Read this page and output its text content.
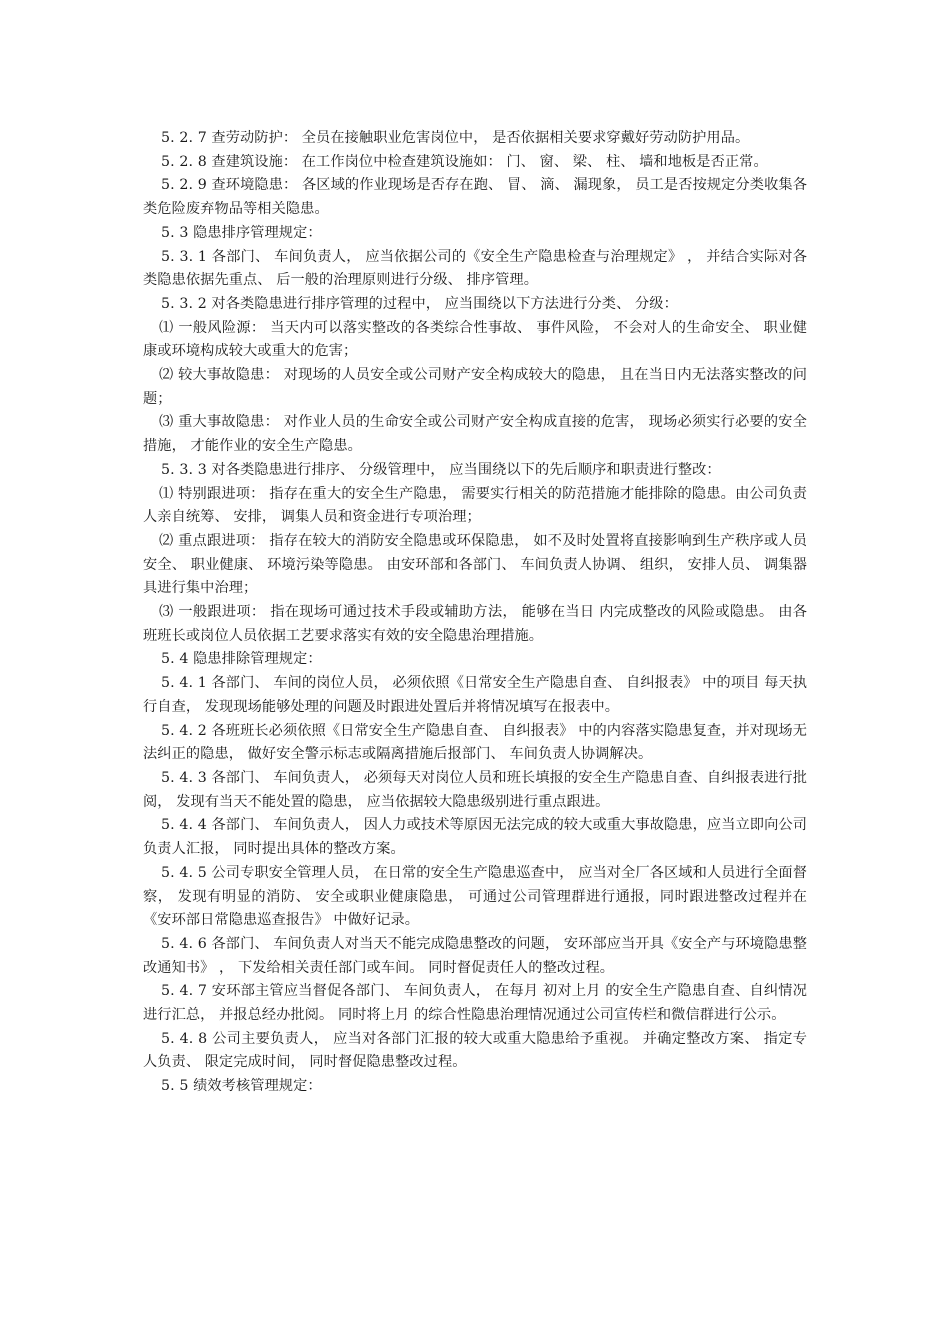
5. 2. 7 查劳动防护： 全员在接触职业危害岗位中， 是否依据相关要求穿戴好劳动防护用品。

5. 2. 8 查建筑设施： 在工作岗位中检查建筑设施如： 门、 窗、 梁、 柱、 墙和地板是否正常。

5. 2. 9 查环境隐患： 各区域的作业现场是否存在跑、 冒、 滴、 漏现象， 员工是否按规定分类收集各类危险废弃物品等相关隐患。

5. 3 隐患排序管理规定：

5. 3. 1 各部门、 车间负责人， 应当依据公司的《安全生产隐患检查与治理规定》 ， 并结合实际对各类隐患依据先重点、 后一般的治理原则进行分级、 排序管理。

5. 3. 2 对各类隐患进行排序管理的过程中， 应当围绕以下方法进行分类、 分级：

⑴ 一般风险源： 当天内可以落实整改的各类综合性事故、 事件风险， 不会对人的生命安全、 职业健康或环境构成较大或重大的危害；

⑵ 较大事故隐患： 对现场的人员安全或公司财产安全构成较大的隐患， 且在当日内无法落实整改的问题；

⑶ 重大事故隐患： 对作业人员的生命安全或公司财产安全构成直接的危害， 现场必须实行必要的安全措施， 才能作业的安全生产隐患。

5. 3. 3 对各类隐患进行排序、 分级管理中， 应当围绕以下的先后顺序和职责进行整改：

⑴ 特别跟进项： 指存在重大的安全生产隐患， 需要实行相关的防范措施才能排除的隐患。由公司负责人亲自统筹、 安排， 调集人员和资金进行专项治理；

⑵ 重点跟进项： 指存在较大的消防安全隐患或环保隐患， 如不及时处置将直接影响到生产秩序或人员安全、 职业健康、 环境污染等隐患。 由安环部和各部门、 车间负责人协调、 组织， 安排人员、 调集器具进行集中治理；

⑶ 一般跟进项： 指在现场可通过技术手段或辅助方法， 能够在当日 内完成整改的风险或隐患。 由各班班长或岗位人员依据工艺要求落实有效的安全隐患治理措施。

5. 4 隐患排除管理规定：

5. 4. 1 各部门、 车间的岗位人员， 必须依照《日常安全生产隐患自查、 自纠报表》 中的项目 每天执行自查， 发现现场能够处理的问题及时跟进处置后并将情况填写在报表中。

5. 4. 2 各班班长必须依照《日常安全生产隐患自查、 自纠报表》 中的内容落实隐患复查，并对现场无法纠正的隐患， 做好安全警示标志或隔离措施后报部门、 车间负责人协调解决。

5. 4. 3 各部门、 车间负责人， 必须每天对岗位人员和班长填报的安全生产隐患自查、自纠报表进行批阅， 发现有当天不能处置的隐患， 应当依据较大隐患级别进行重点跟进。

5. 4. 4 各部门、 车间负责人， 因人力或技术等原因无法完成的较大或重大事故隐患，应当立即向公司负责人汇报， 同时提出具体的整改方案。

5. 4. 5 公司专职安全管理人员， 在日常的安全生产隐患巡查中， 应当对全厂各区域和人员进行全面督察， 发现有明显的消防、 安全或职业健康隐患， 可通过公司管理群进行通报，同时跟进整改过程并在《安环部日常隐患巡查报告》 中做好记录。

5. 4. 6 各部门、 车间负责人对当天不能完成隐患整改的问题， 安环部应当开具《安全产与环境隐患整改通知书》 ， 下发给相关责任部门或车间。 同时督促责任人的整改过程。

5. 4. 7 安环部主管应当督促各部门、 车间负责人， 在每月 初对上月 的安全生产隐患自查、自纠情况进行汇总， 并报总经办批阅。 同时将上月 的综合性隐患治理情况通过公司宣传栏和微信群进行公示。

5. 4. 8 公司主要负责人， 应当对各部门汇报的较大或重大隐患给予重视。 并确定整改方案、 指定专人负责、 限定完成时间， 同时督促隐患整改过程。

5. 5 绩效考核管理规定：
